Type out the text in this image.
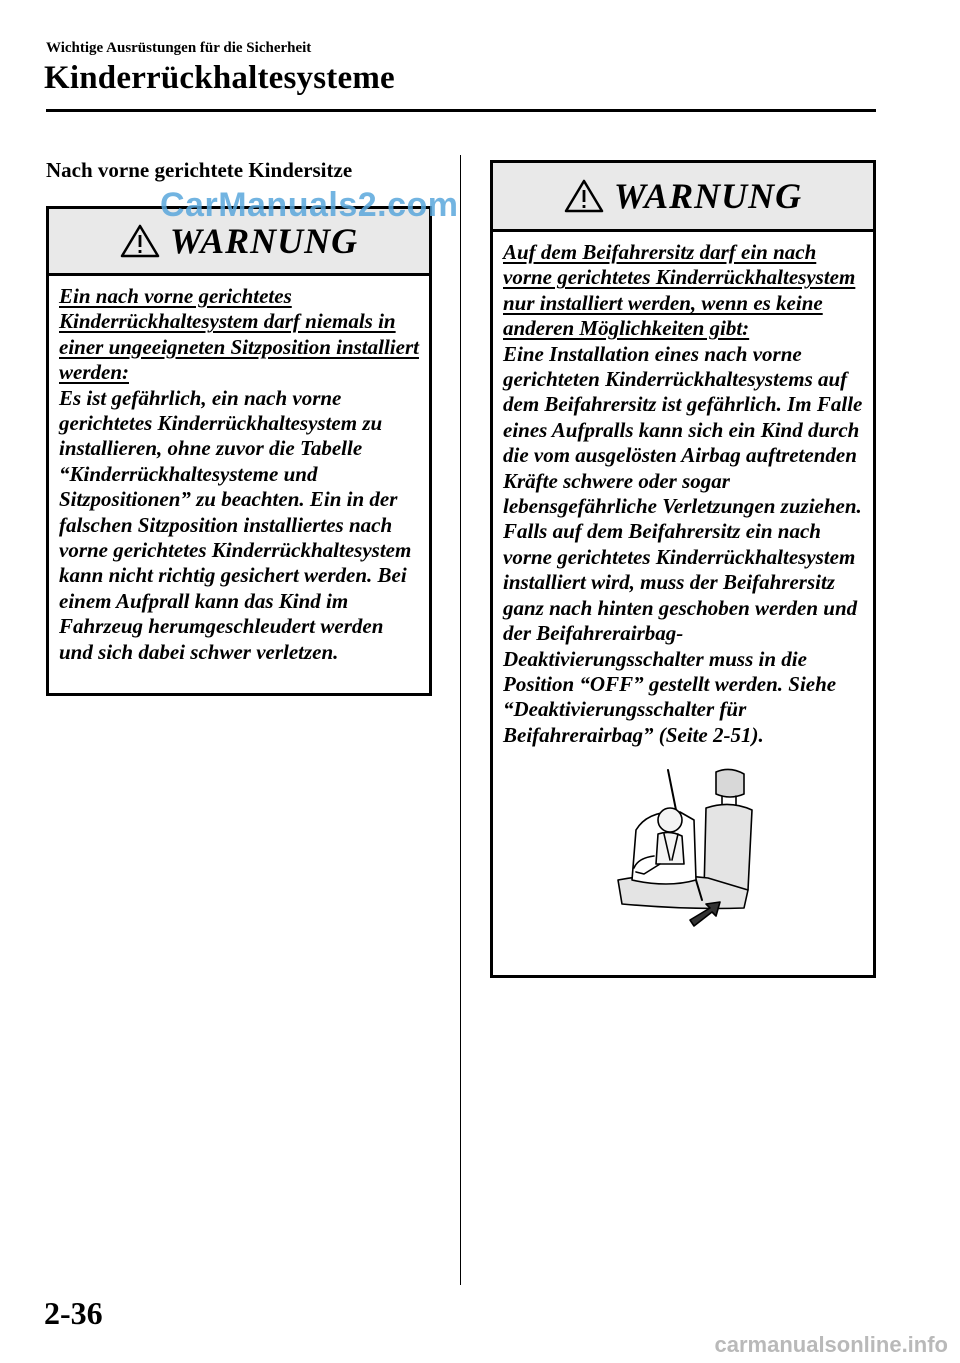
Wichtige Ausrüstungen für die Sicherheit
Kinderrückhaltesysteme
Nach vorne gerichtete Kindersitze
WARNUNG
Ein nach vorne gerichtetes Kinderrückhaltesystem darf niemals in einer ungeeigneten Sitzposition installiert werden:
Es ist gefährlich, ein nach vorne gerichtetes Kinderrückhaltesystem zu installieren, ohne zuvor die Tabelle “Kinderrückhaltesysteme und Sitzpositionen” zu beachten. Ein in der falschen Sitzposition installiertes nach vorne gerichtetes Kinderrückhaltesystem kann nicht richtig gesichert werden. Bei einem Aufprall kann das Kind im Fahrzeug herumgeschleudert werden und sich dabei schwer verletzen.
WARNUNG
Auf dem Beifahrersitz darf ein nach vorne gerichtetes Kinderrückhaltesystem nur installiert werden, wenn es keine anderen Möglichkeiten gibt:
Eine Installation eines nach vorne gerichteten Kinderrückhaltesystems auf dem Beifahrersitz ist gefährlich. Im Falle eines Aufpralls kann sich ein Kind durch die vom ausgelösten Airbag auftretenden Kräfte schwere oder sogar lebensgefährliche Verletzungen zuziehen. Falls auf dem Beifahrersitz ein nach vorne gerichtetes Kinderrückhaltesystem installiert wird, muss der Beifahrersitz ganz nach hinten geschoben werden und der Beifahrerairbag-Deaktivierungsschalter muss in die Position “OFF” gestellt werden. Siehe “Deaktivierungsschalter für Beifahrerairbag” (Seite 2-51).
CarManuals2.com
2-36
carmanualsonline.info
